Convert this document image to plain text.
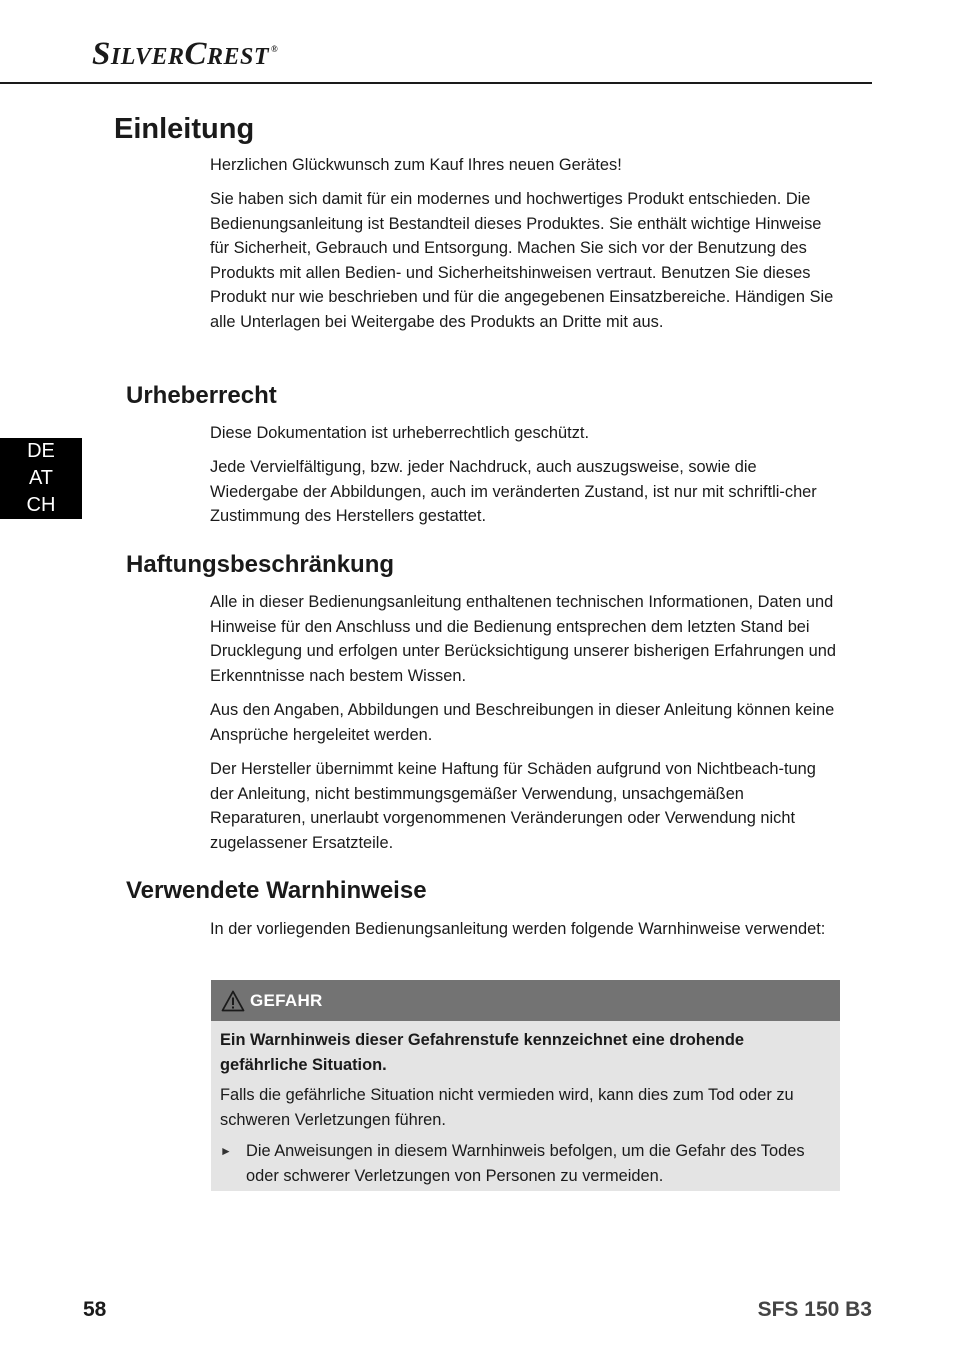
SILVERCREST ®
DE
AT
CH
Einleitung

Herzlichen Glückwunsch zum Kauf Ihres neuen Gerätes!

Sie haben sich damit für ein modernes und hochwertiges Produkt entschieden. Die Bedienungsanleitung ist Bestandteil dieses Produktes. Sie enthält wichtige Hinweise für Sicherheit, Gebrauch und Entsorgung. Machen Sie sich vor der Benutzung des Produkts mit allen Bedien- und Sicherheitshinweisen vertraut. Benutzen Sie dieses Produkt nur wie beschrieben und für die angegebenen Einsatzbereiche. Händigen Sie alle Unterlagen bei Weitergabe des Produkts an Dritte mit aus.

Urheberrecht

Diese Dokumentation ist urheberrechtlich geschützt.

Jede Vervielfältigung, bzw. jeder Nachdruck, auch auszugsweise, sowie die Wiedergabe der Abbildungen, auch im veränderten Zustand, ist nur mit schriftli-cher Zustimmung des Herstellers gestattet.

Haftungsbeschränkung

Alle in dieser Bedienungsanleitung enthaltenen technischen Informationen, Daten und Hinweise für den Anschluss und die Bedienung entsprechen dem letzten Stand bei Drucklegung und erfolgen unter Berücksichtigung unserer bisherigen Erfahrungen und Erkenntnisse nach bestem Wissen.

Aus den Angaben, Abbildungen und Beschreibungen in dieser Anleitung können keine Ansprüche hergeleitet werden.

Der Hersteller übernimmt keine Haftung für Schäden aufgrund von Nichtbeach-tung der Anleitung, nicht bestimmungsgemäßer Verwendung, unsachgemäßen Reparaturen, unerlaubt vorgenommenen Veränderungen oder Verwendung nicht zugelassener Ersatzteile.

Verwendete Warnhinweise

In der vorliegenden Bedienungsanleitung werden folgende Warnhinweise verwendet:

GEFAHR

Ein Warnhinweis dieser Gefahrenstufe kennzeichnet eine drohende gefährliche Situation.

Falls die gefährliche Situation nicht vermieden wird, kann dies zum Tod oder zu schweren Verletzungen führen.

► Die Anweisungen in diesem Warnhinweis befolgen, um die Gefahr des Todes oder schwerer Verletzungen von Personen zu vermeiden.

58	SFS 150 B3
